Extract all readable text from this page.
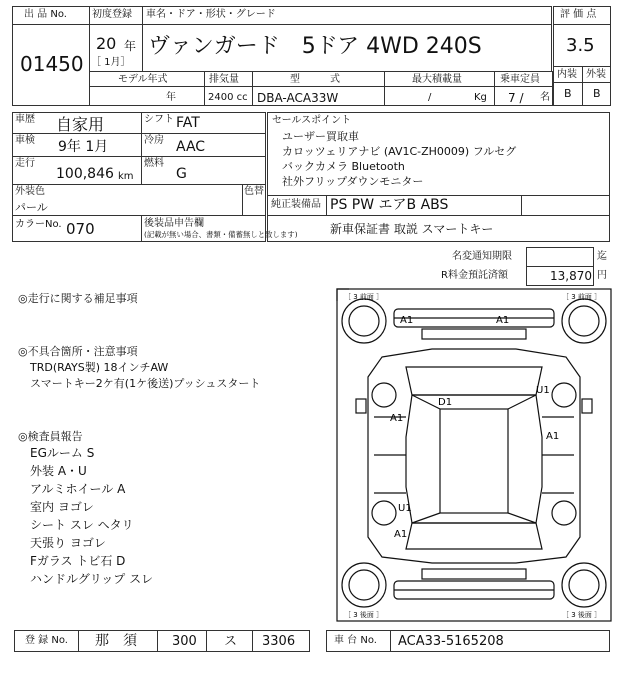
出 品 No.
01450
初度登録
20 年
［ 1月］
車名・ドア・形状・グレード
ヴァンガード　5ドア 4WD 240S
評 価 点
3.5
内装 外装
B B
モデル年式
年
排気量
2400 cc
型　　　式
DBA-ACA33W
最大積載量
/	Kg
乗車定員
7 / 名
車歴 自家用	シフト FAT
車検 9年 1月	冷房 AAC
走行
100,846 km
燃料
G
外装色
パール
色替
カラーNo. 070	後装品申告欄
(記載が無い場合、書類・備蓄無しと致します)
セールスポイント
ユーザー買取車
カロッツェリアナビ (AV1C-ZH0009) フルセグ
バックカメラ Bluetooth
社外フリップダウンモニター
純正装備品 PS PW エアB ABS
新車保証書 取説 スマートキー
名変通知期限	迄
R料金預託済額	13,870 円
◎走行に関する補足事項
◎不具合箇所・注意事項
TRD(RAYS製) 18インチAW
スマートキー2ケ有(1ケ後送)プッシュスタート
◎検査員報告
EGルーム S
外装 A・U
アルミホイール A
室内 ヨゴレ
シート スレ ヘタリ
天張り ヨゴレ
Fガラス トビ石 D
ハンドルグリップ スレ
［ 3 前面 ］	［ 3 前面 ］
［ 3 後面 ］	［ 3 後面 ］
A1	A1
D1
A1
U1
A1
U1
A1
登 録 No. 那　須	300 ス 3306	車 台 No. ACA33-5165208
